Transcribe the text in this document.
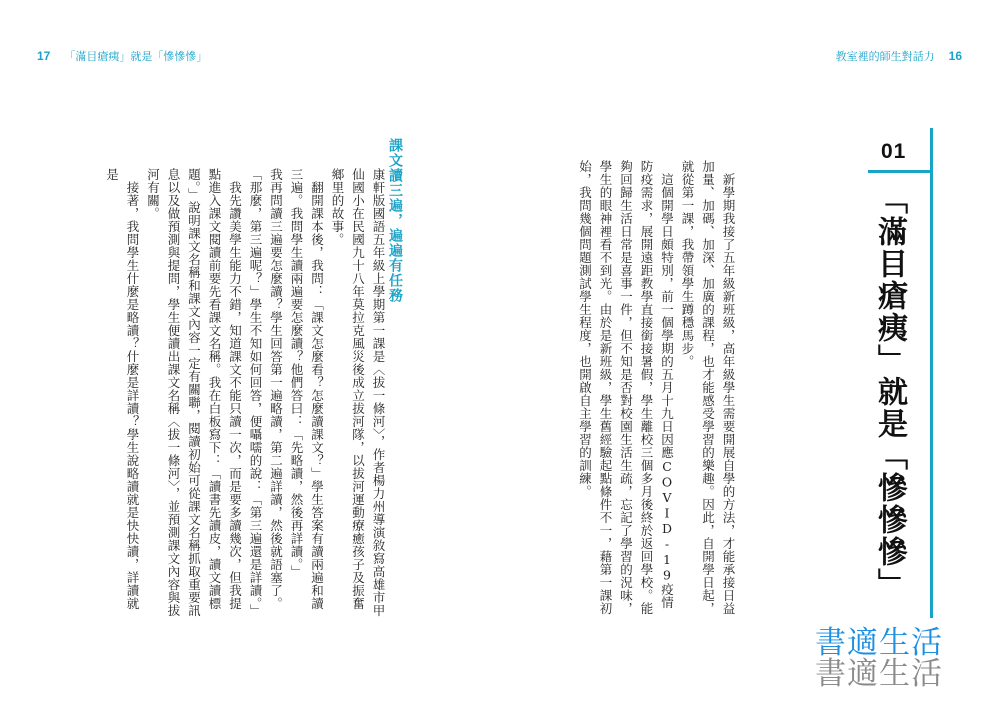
17 「滿目瘡痍」就是「慘慘慘」	教室裡的師生對話力 16
課文讀三遍，遍遍有任務
康軒版國語五年級上學期第一課是〈拔一條河〉，作者楊力州導演敘寫高雄市甲仙國小在民國九十八年莫拉克風災後成立拔河隊，以拔河運動療癒孩子及振奮鄉里的故事。
　翻開課本後，我問：「課文怎麼看？怎麼讀課文？」學生答案有讀兩遍和讀三遍。我問學生讀兩遍要怎麼讀？他們答曰：「先略讀，然後再詳讀。」
我再問讀三遍要怎麼讀？學生回答第一遍略讀，第二遍詳讀，然後就語塞了。「那麼，第三遍呢？」學生不知如何回答，便囁嚅的說：「第三遍還是詳讀。」
　我先讚美學生能力不錯，知道課文不能只讀一次，而是要多讀幾次，但我提點進入課文閱讀前要先看課文名稱。我在白板寫下：「讀書先讀皮，讀文讀標題。」說明課文名稱和課文內容一定有關聯，閱讀初始可從課文名稱抓取重要訊息以及做預測與提問，學生便讀出課文名稱〈拔一條河〉，並預測課文內容與拔河有關。
　接著，我問學生什麼是略讀？什麼是詳讀？學生說略讀就是快快讀，詳讀就是	　新學期我接了五年級新班級，高年級學生需要開展自學的方法，才能承接日益加量、加碼、加深、加廣的課程，也才能感受學習的樂趣。因此，自開學日起，就從第一課，我帶領學生蹲穩馬步。
　這個開學日頗特別，前一個學期的五月十九日因應COVID-19疫情防疫需求，展開遠距教學直接銜接暑假，學生離校三個多月後終於返回學校。能夠回歸生活日常是喜事一件，但不知是否對校園生活生疏，忘記了學習的況味，學生的眼神裡看不到光。由於是新班級，學生舊經驗起點條件不一，藉第一課初始，我問幾個問題測試學生程度，也開啟自主學習的訓練。
01
「滿目瘡痍」就是「慘慘慘」
書適生活
書適生活
